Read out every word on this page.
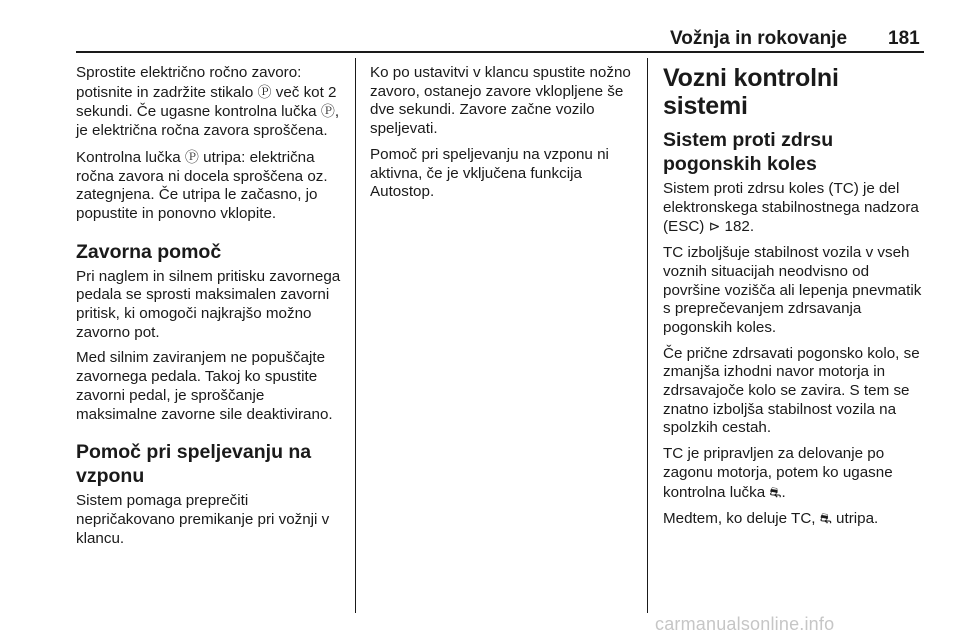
Vožnja in rokovanje 181

Sprostite električno ročno zavoro: potisnite in zadržite stikalo Ⓟ več kot 2 sekundi. Če ugasne kontrolna lučka Ⓟ, je električna ročna zavora sproščena.

Kontrolna lučka Ⓟ utripa: električna ročna zavora ni docela sproščena oz. zategnjena. Če utripa le začasno, jo popustite in ponovno vklopite.

Zavorna pomoč

Pri naglem in silnem pritisku zavornega pedala se sprosti maksimalen zavorni pritisk, ki omogoči najkrajšo možno zavorno pot.

Med silnim zaviranjem ne popuščajte zavornega pedala. Takoj ko spustite zavorni pedal, je sproščanje maksimalne zavorne sile deaktivirano.

Pomoč pri speljevanju na vzponu

Sistem pomaga preprečiti nepričakovano premikanje pri vožnji v klancu.

Ko po ustavitvi v klancu spustite nožno zavoro, ostanejo zavore vklopljene še dve sekundi. Zavore začne vozilo speljevati.

Pomoč pri speljevanju na vzponu ni aktivna, če je vključena funkcija Autostop.

Vozni kontrolni sistemi
Sistem proti zdrsu pogonskih koles

Sistem proti zdrsu koles (TC) je del elektronskega stabilnostnega nadzora (ESC) ⊳ 182.

TC izboljšuje stabilnost vozila v vseh voznih situacijah neodvisno od površine vozišča ali lepenja pnevmatik s preprečevanjem zdrsavanja pogonskih koles.

Če prične zdrsavati pogonsko kolo, se zmanjša izhodni navor motorja in zdrsavajoče kolo se zavira. S tem se znatno izboljša stabilnost vozila na spolzkih cestah.

TC je pripravljen za delovanje po zagonu motorja, potem ko ugasne kontrolna lučka ⛐.

Medtem, ko deluje TC, ⛐ utripa.

carmanualsonline.info
